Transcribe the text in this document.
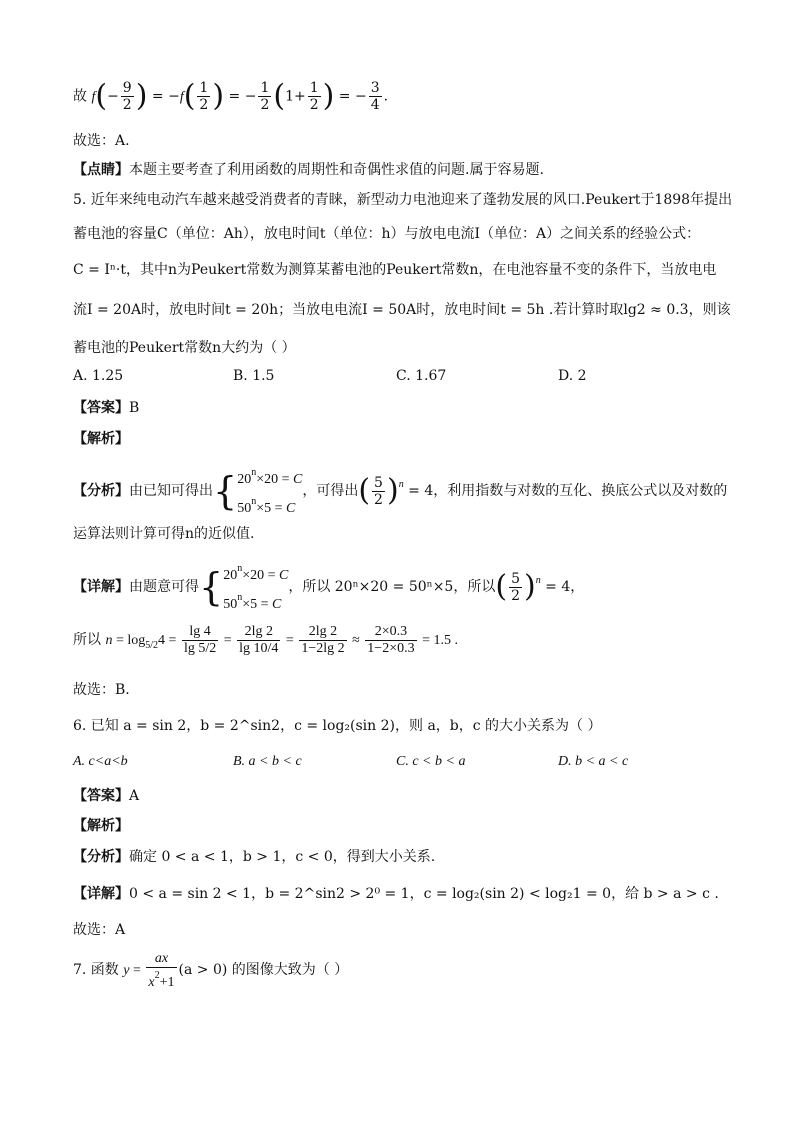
故 $f(- \frac{9}{2}$ ) = $-f( \frac{1}{2}$ ) = − $\frac{1}{2} (1+ \frac{1}{2}$ ) = − $\frac{3}{4}$ .
故选：A.
【点睛】本题主要考查了利用函数的周期性和奇偶性求值的问题.属于容易题.
5. 近年来纯电动汽车越来越受消费者的青睐，新型动力电池迎来了蓬勃发展的风口.Peukert于1898年提出
蓄电池的容量C（单位：Ah），放电时间t（单位：h）与放电电流I（单位：A）之间关系的经验公式：
C = Iⁿ·t，其中n为Peukert常数为测算某蓄电池的Peukert常数n，在电池容量不变的条件下，当放电电
流I = 20A时，放电时间t = 20h；当放电电流I = 50A时，放电时间t = 5h .若计算时取lg2 ≈ 0.3，则该
蓄电池的Peukert常数n大约为（ ）
A. 1.25	B. 1.5	C. 1.67	D. 2
【答案】B
【解析】
【分析】由已知可得出{ $20^n\times 20 = C$
$50^n\times 5 = C$
，可得出( $\frac{5}{2} )^n = 4$，利用指数与对数的互化、换底公式以及对数的
运算法则计算可得n的近似值.
【详解】由题意可得{ $20^n\times 20 = C$
$50^n\times 5 = C$
，所以 20ⁿ×20 = 50ⁿ×5，所以( $\frac{5}{2} )^n = 4$，
所以 $n = \log_{5/2}4 = \frac{\lg 4}{\lg 5/2} = \frac{2\lg 2}{\lg 10/4} = \frac{2\lg 2}{1-2\lg 2} \approx \frac{2\times 0.3}{1-2\times 0.3} = 1.5$ .
故选：B.
6. 已知 a = sin 2，b = 2^sin2，c = log₂(sin 2)，则 a，b，c 的大小关系为（ ）
A. c<a<b	B. a < b < c	C. c < b < a	D. b < a < c
【答案】A
【解析】
【分析】确定 0 < a < 1，b > 1，c < 0，得到大小关系.
【详解】0 < a = sin 2 < 1，b = 2^sin2 > 2⁰ = 1，c = log₂(sin 2) < log₂1 = 0，给 b > a > c .
故选：A
7. 函数 $y = \frac{ax}{x^2+1} (a > 0)$ 的图像大致为（ ）
